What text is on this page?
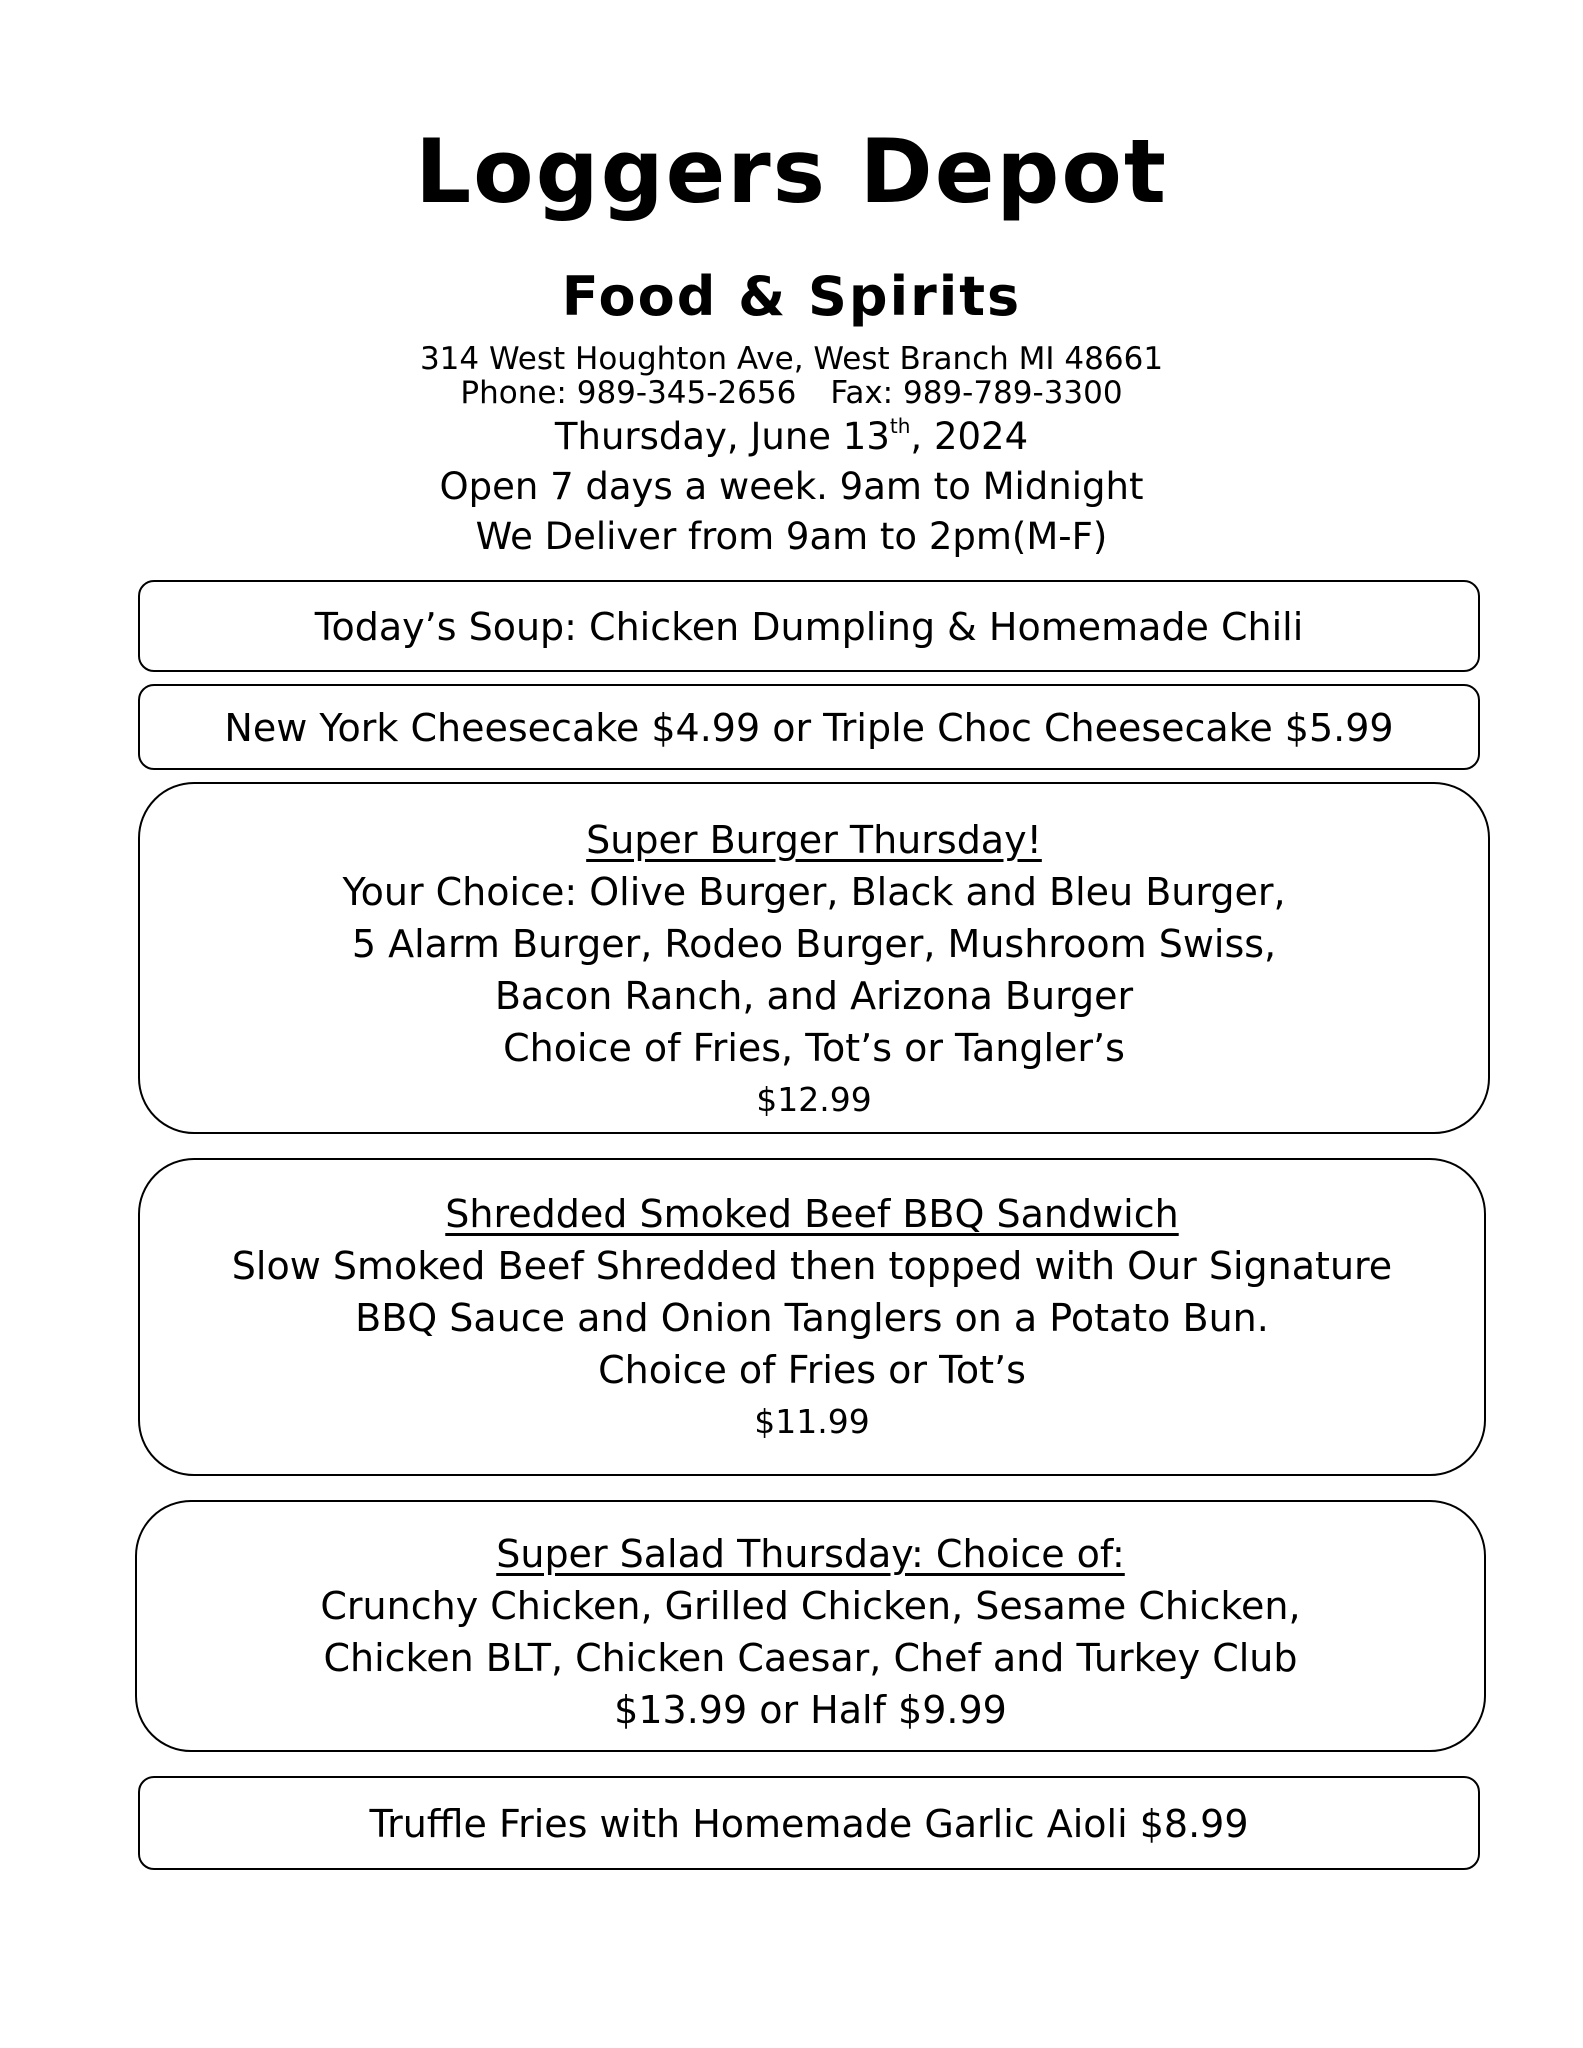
Loggers Depot
Food & Spirits
314 West Houghton Ave, West Branch MI 48661
Phone: 989-345-2656 Fax: 989-789-3300
Thursday, June 13th, 2024
Open 7 days a week. 9am to Midnight
We Deliver from 9am to 2pm(M-F)
Today’s Soup: Chicken Dumpling & Homemade Chili
New York Cheesecake $4.99 or Triple Choc Cheesecake $5.99
Super Burger Thursday!
Your Choice: Olive Burger, Black and Bleu Burger,
5 Alarm Burger, Rodeo Burger, Mushroom Swiss,
Bacon Ranch, and Arizona Burger
Choice of Fries, Tot’s or Tangler’s
$12.99
Shredded Smoked Beef BBQ Sandwich
Slow Smoked Beef Shredded then topped with Our Signature
BBQ Sauce and Onion Tanglers on a Potato Bun.
Choice of Fries or Tot’s
$11.99
Super Salad Thursday: Choice of:
Crunchy Chicken, Grilled Chicken, Sesame Chicken,
Chicken BLT, Chicken Caesar, Chef and Turkey Club
$13.99 or Half $9.99
Truffle Fries with Homemade Garlic Aioli $8.99
